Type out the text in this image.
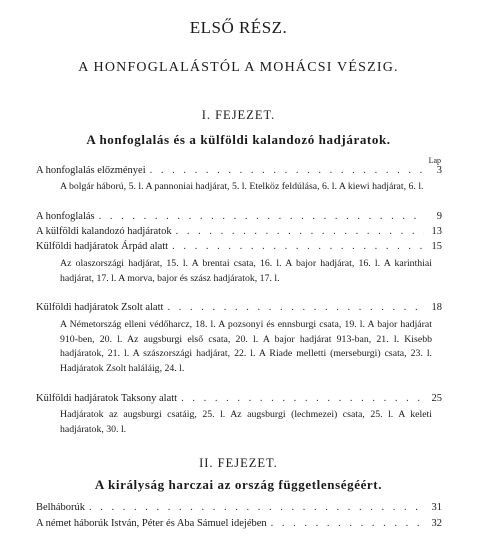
ELSŐ RÉSZ.
A HONFOGLALÁSTÓL A MOHÁCSI VÉSZIG.
I. FEJEZET.
A honfoglalás és a külföldi kalandozó hadjáratok.
Lap
A honfoglalás előzményei . . .	3
A bolgár háború, 5. l. A pannoniai hadjárat, 5. l. Etelköz feldúlása, 6. l. A kiewi hadjárat, 6. l.
A honfoglalás . . .	9
A külföldi kalandozó hadjáratok . . .	13
Külföldi hadjáratok Árpád alatt . . .	15
Az olaszországi hadjárat, 15. l. A brentai csata, 16. l. A bajor hadjárat, 16. l. A karinthiai hadjárat, 17. l. A morva, bajor és szász hadjáratok, 17. l.
Külföldi hadjáratok Zsolt alatt . . .	18
A Németország elleni védőharcz, 18. l. A pozsonyi és ennsburgi csata, 19. l. A bajor hadjárat 910-ben, 20. l. Az augsburgi első csata, 20. l. A bajor hadjárat 913-ban, 21. l. Kisebb hadjáratok, 21. l. A szászországi hadjárat, 22. l. A Riade melletti (merseburgi) csata, 23. l. Hadjáratok Zsolt haláláig, 24. l.
Külföldi hadjáratok Taksony alatt . . .	25
Hadjáratok az augsburgi csatáig, 25. l. Az augsburgi (lechmezei) csata, 25. l. A keleti hadjáratok, 30. l.
II. FEJEZET.
A királyság harczai az ország függetlenségéért.
Belháborúk . . .	31
A német háborúk István, Péter és Aba Sámuel idejében . . .	32
